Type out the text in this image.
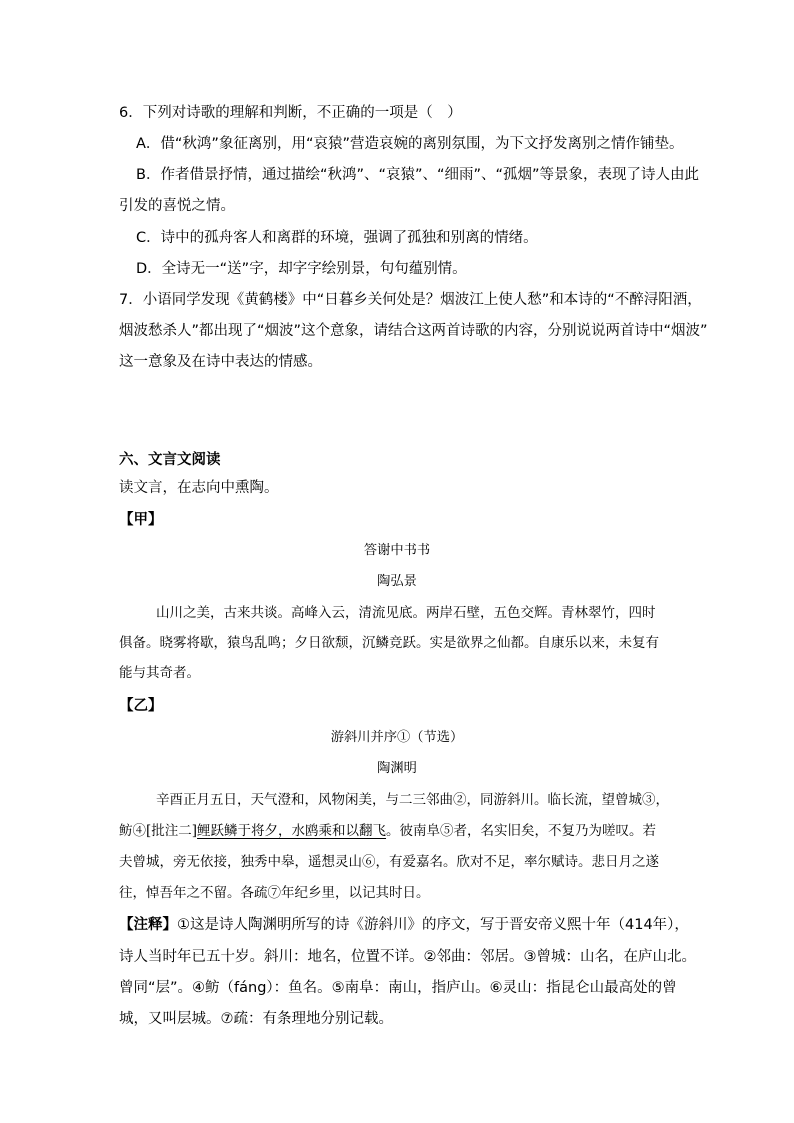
6．下列对诗歌的理解和判断，不正确的一项是（　）
A．借“秋鸿”象征离别，用“哀猿”营造哀婉的离别氛围，为下文抒发离别之情作铺垫。
B．作者借景抒情，通过描绘“秋鸿”、“哀猿”、“细雨”、“孤烟”等景象，表现了诗人由此
引发的喜悦之情。
C．诗中的孤舟客人和离群的环境，强调了孤独和别离的情绪。
D．全诗无一“送”字，却字字绘别景，句句蕴别情。
7．小语同学发现《黄鹤楼》中“日暮乡关何处是？烟波江上使人愁”和本诗的“不醉浔阳酒，
烟波愁杀人”都出现了“烟波”这个意象，请结合这两首诗歌的内容，分别说说两首诗中“烟波”
这一意象及在诗中表达的情感。
六、文言文阅读
读文言，在志向中熏陶。
【甲】
答谢中书书
陶弘景
山川之美，古来共谈。高峰入云，清流见底。两岸石壁，五色交辉。青林翠竹，四时
俱备。晓雾将歇，猿鸟乱鸣；夕日欲颓，沉鳞竞跃。实是欲界之仙都。自康乐以来，未复有
能与其奇者。
【乙】
游斜川并序①（节选）
陶渊明
辛酉正月五日，天气澄和，风物闲美，与二三邻曲②，同游斜川。临长流，望曾城③，
鲂④[批注二]鲤跃鳞于将夕，水鸥乘和以翻飞。彼南阜⑤者，名实旧矣，不复乃为嗟叹。若
夫曾城，旁无依接，独秀中皋，遥想灵山⑥，有爱嘉名。欣对不足，率尔赋诗。悲日月之遂
往，悼吾年之不留。各疏⑦年纪乡里，以记其时日。
【注释】①这是诗人陶渊明所写的诗《游斜川》的序文，写于晋安帝义熙十年（414年），
诗人当时年已五十岁。斜川：地名，位置不详。②邻曲：邻居。③曾城：山名，在庐山北。
曾同“层”。④鲂（fáng）：鱼名。⑤南阜：南山，指庐山。⑥灵山：指昆仑山最高处的曾
城，又叫层城。⑦疏：有条理地分别记载。
